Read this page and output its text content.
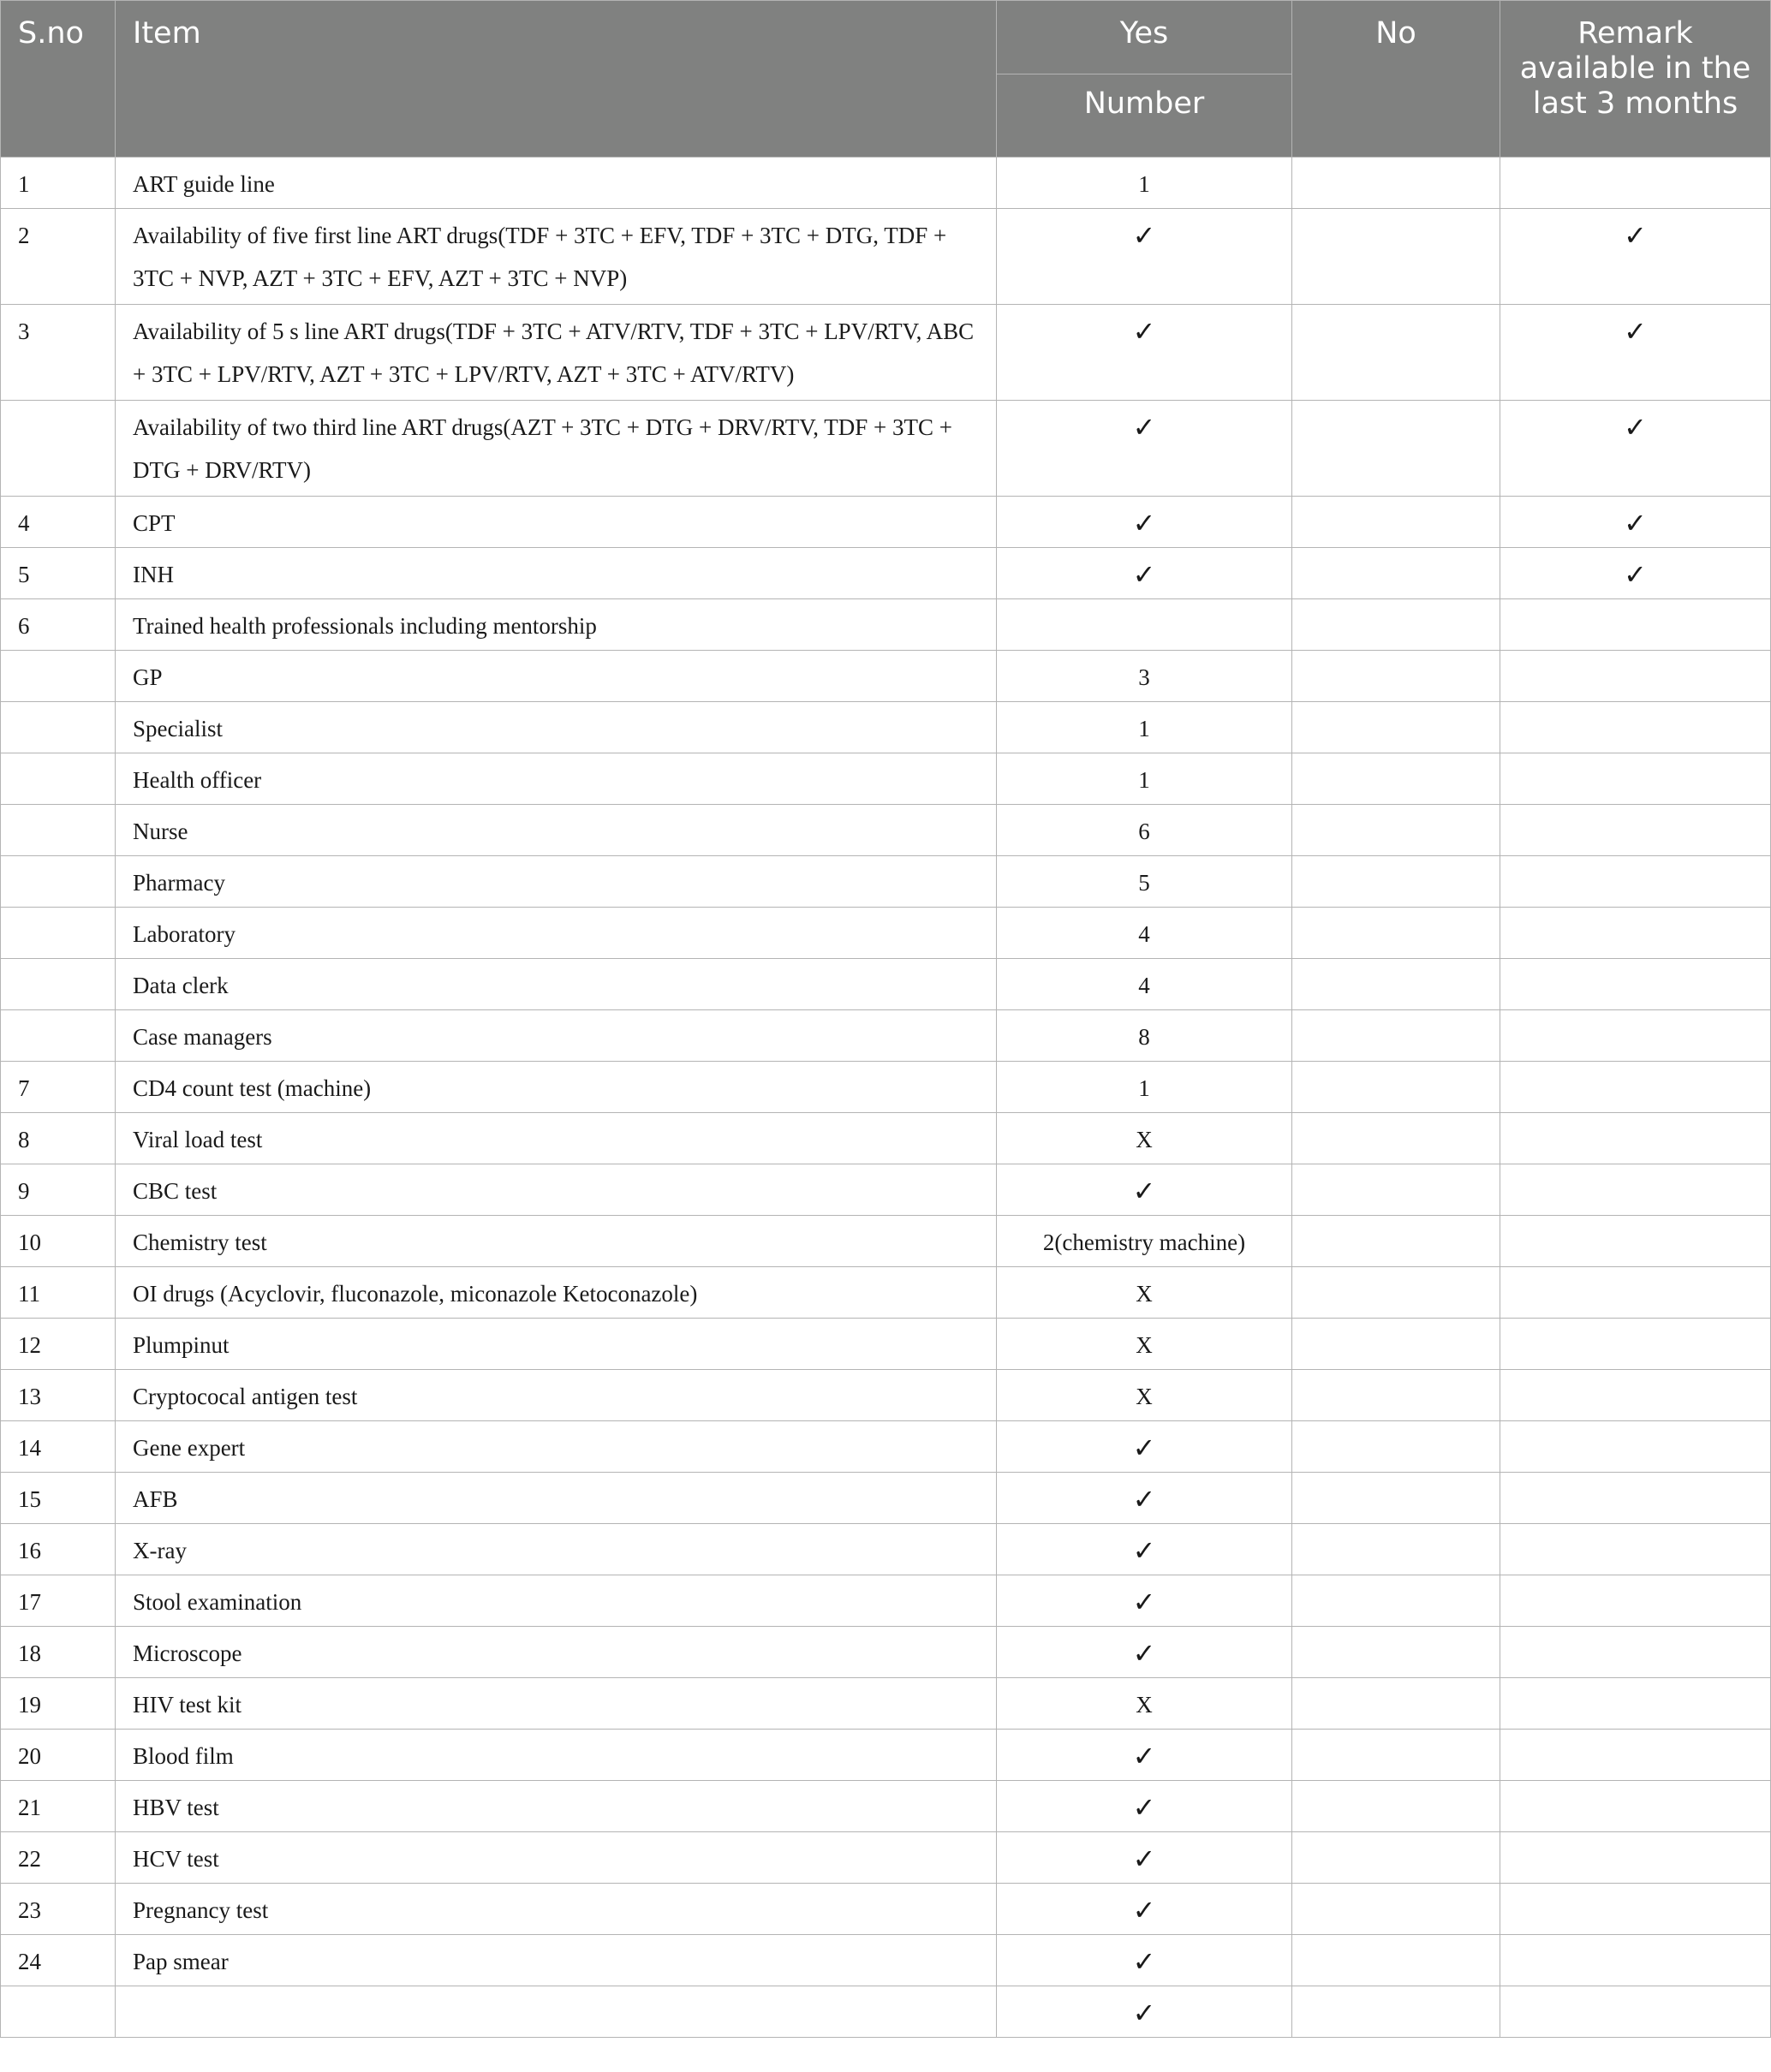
S.no	Item	Yes	No	Remark available in the last 3 months
		Number		
1	ART guide line	1		
2	Availability of five first line ART drugs(TDF + 3TC + EFV, TDF + 3TC + DTG, TDF + 3TC + NVP, AZT + 3TC + EFV, AZT + 3TC + NVP)	✓		✓
3	Availability of 5 s line ART drugs(TDF + 3TC + ATV/RTV, TDF + 3TC + LPV/RTV, ABC + 3TC + LPV/RTV, AZT + 3TC + LPV/RTV, AZT + 3TC + ATV/RTV)	✓		✓
	Availability of two third line ART drugs(AZT + 3TC + DTG + DRV/RTV, TDF + 3TC + DTG + DRV/RTV)	✓		✓
4	CPT	✓		✓
5	INH	✓		✓
6	Trained health professionals including mentorship			
	GP	3		
	Specialist	1		
	Health officer	1		
	Nurse	6		
	Pharmacy	5		
	Laboratory	4		
	Data clerk	4		
	Case managers	8		
7	CD4 count test (machine)	1		
8	Viral load test	X		
9	CBC test	✓		
10	Chemistry test	2(chemistry machine)		
11	OI drugs (Acyclovir, fluconazole, miconazole Ketoconazole)	X		
12	Plumpinut	X		
13	Cryptococal antigen test	X		
14	Gene expert	✓		
15	AFB	✓		
16	X-ray	✓		
17	Stool examination	✓		
18	Microscope	✓		
19	HIV test kit	X		
20	Blood film	✓		
21	HBV test	✓		
22	HCV test	✓		
23	Pregnancy test	✓		
24	Pap smear	✓		
		✓		
